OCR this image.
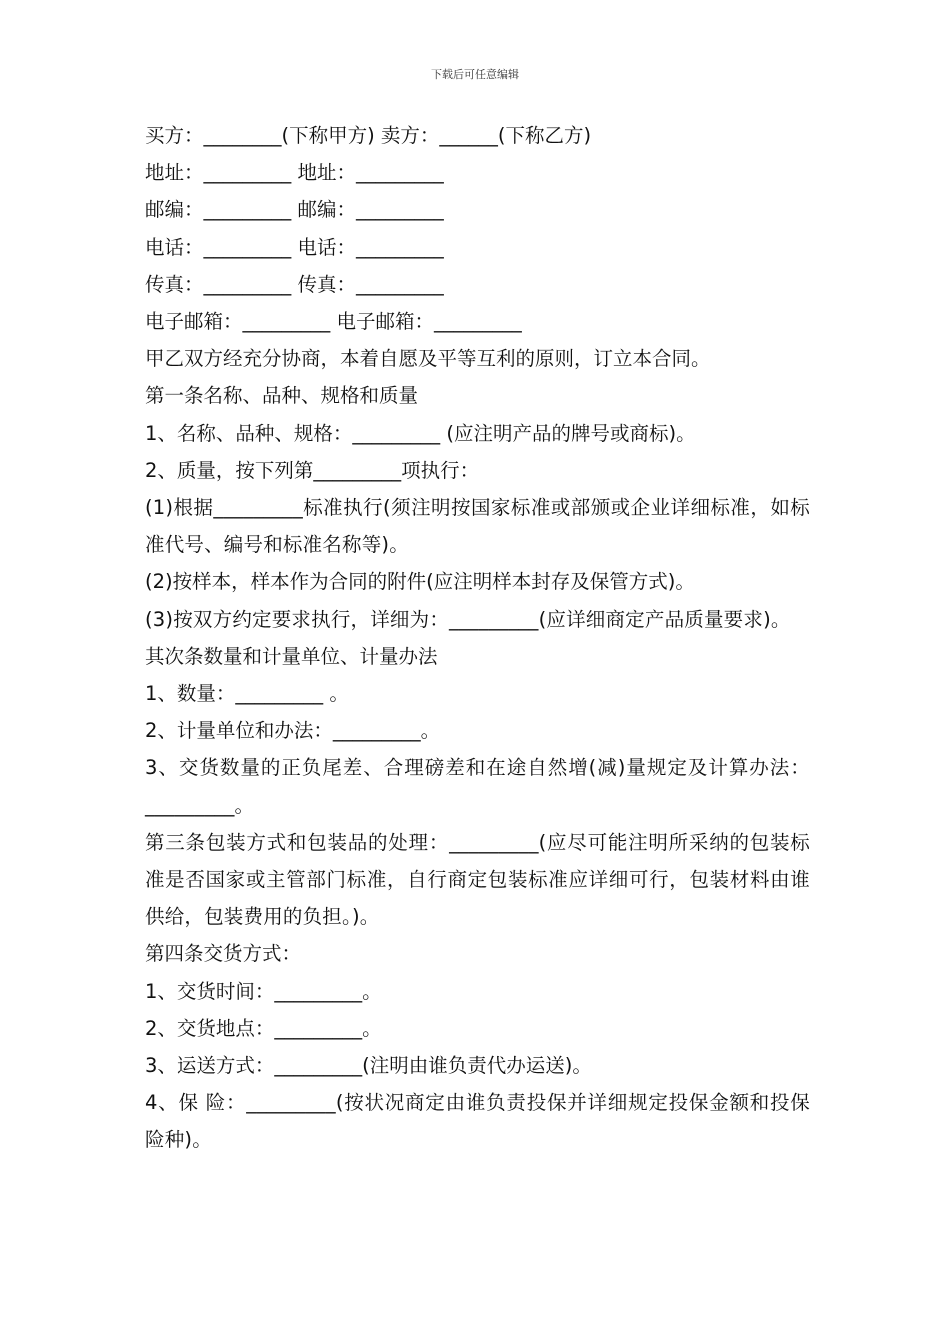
下载后可任意编辑
买方：________(下称甲方) 卖方：______(下称乙方)
地址：_________ 地址：_________
邮编：_________ 邮编：_________
电话：_________ 电话：_________
传真：_________ 传真：_________
电子邮箱：_________ 电子邮箱：_________
甲乙双方经充分协商，本着自愿及平等互利的原则，订立本合同。
第一条名称、品种、规格和质量
1、名称、品种、规格：_________ (应注明产品的牌号或商标)。
2、质量，按下列第_________项执行：
(1)根据_________标准执行(须注明按国家标准或部颁或企业详细标准，如标准代号、编号和标准名称等)。
(2)按样本，样本作为合同的附件(应注明样本封存及保管方式)。
(3)按双方约定要求执行，详细为：_________(应详细商定产品质量要求)。
其次条数量和计量单位、计量办法
1、数量：_________ 。
2、计量单位和办法：_________。
3、交货数量的正负尾差、合理磅差和在途自然增(减)量规定及计算办法：_________。
第三条包装方式和包装品的处理：_________(应尽可能注明所采纳的包装标准是否国家或主管部门标准，自行商定包装标准应详细可行，包装材料由谁供给，包装费用的负担。)。
第四条交货方式：
1、交货时间：_________。
2、交货地点：_________。
3、运送方式：_________(注明由谁负责代办运送)。
4、保 险：_________(按状况商定由谁负责投保并详细规定投保金额和投保险种)。
